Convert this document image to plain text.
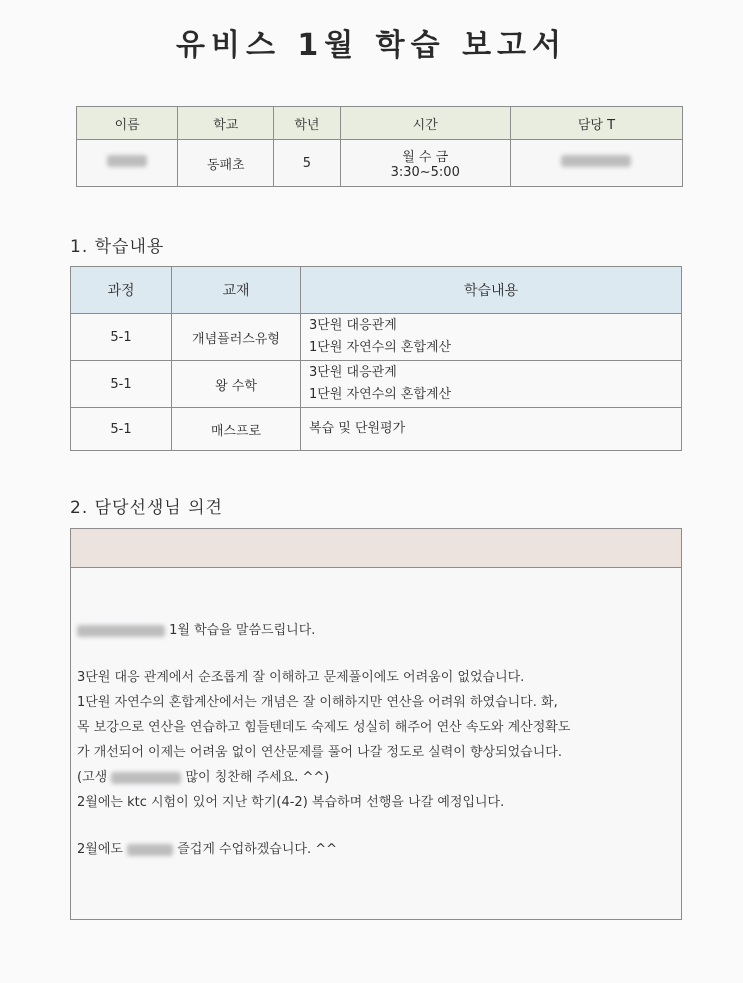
유비스 1월 학습 보고서
이름	학교	학년	시간	담당 T
	동패초	5	월 수 금
3:30~5:00	

1. 학습내용
과정	교재	학습내용
5-1	개념플러스유형	3단원 대응관계
1단원 자연수의 혼합계산

5-1	왕 수학	3단원 대응관계
1단원 자연수의 혼합계산

5-1	매스프로	복습 및 단원평가
2. 담당선생님 의견

1월 학습을 말씀드립니다.

3단원 대응 관계에서 순조롭게 잘 이해하고 문제풀이에도 어려움이 없었습니다.

1단원 자연수의 혼합계산에서는 개념은 잘 이해하지만 연산을 어려워 하였습니다. 화,

목 보강으로 연산을 연습하고 힘들텐데도 숙제도 성실히 해주어 연산 속도와 계산정확도

가 개선되어 이제는 어려움 없이 연산문제를 풀어 나갈 정도로 실력이 향상되었습니다.

(고생	많이 칭찬해 주세요. ^^)

2월에는 ktc 시험이 있어 지난 학기(4-2) 복습하며 선행을 나갈 예정입니다.

2월에도	즐겁게 수업하겠습니다. ^^
